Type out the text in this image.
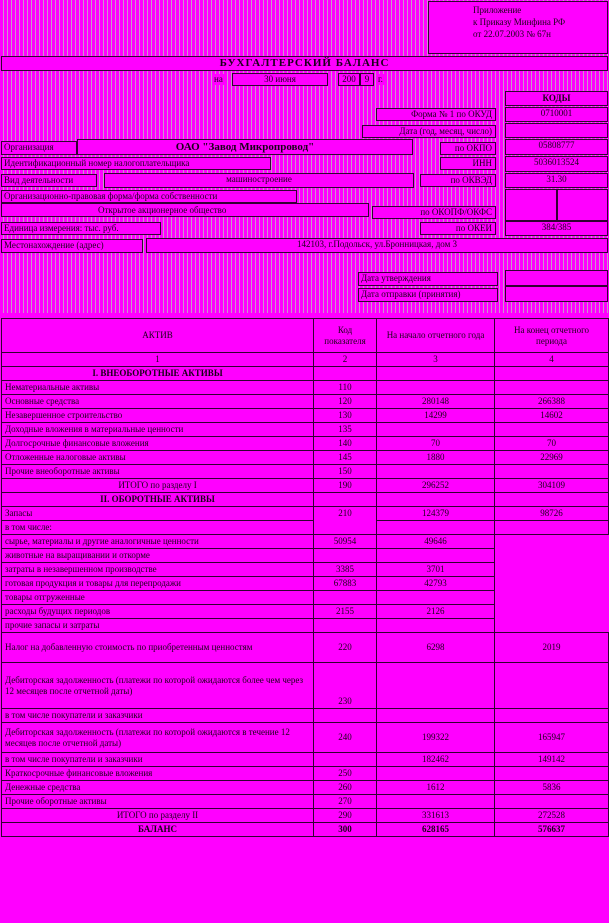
Приложение
к Приказу Минфина РФ
от 22.07.2003 № 67н
БУХГАЛТЕРСКИЙ БАЛАНС
на	30 июня	200	9 г.
КОДЫ
Форма № 1 по ОКУД	0710001
Дата (год, месяц, число)
Организация	ОАО "Завод Микропровод"	по ОКПО	05808777
Идентификационный номер налогоплательщика	ИНН	5036013524
Вид деятельности	машиностроение	по ОКВЭД	31.30
Организационно-правовая форма/форма собственности
Открытое акционерное общество	по ОКОПФ/ОКФС
Единица измерения: тыс. руб.	по ОКЕИ	384/385
Местонахождение (адрес)	142103, г.Подольск, ул.Бронницкая, дом 3
Дата утверждения
Дата отправки (принятия)
АКТИВ	Код показателя	На начало отчетного года	На конец отчетного периода
1	2	3	4
I. ВНЕОБОРОТНЫЕ АКТИВЫ			
Нематериальные активы	110		
Основные средства	120	280148	266388
Незавершенное строительство	130	14299	14602
Доходные вложения в материальные ценности	135		
Долгосрочные финансовые вложения	140	70	70
Отложенные налоговые активы	145	1880	22969
Прочие внеоборотные активы	150		
ИТОГО по разделу I	190	296252	304109
II. ОБОРОТНЫЕ АКТИВЫ			
Запасы	210	124379	98726
в том числе:			
сырье, материалы и другие аналогичные ценности	50954	49646	
животные на выращивании и откорме			
затраты в незавершенном производстве	3385	3701	
готовая продукция и товары для перепродажи	67883	42793	
товары отгруженные			
расходы будущих периодов	2155	2126	
прочие запасы и затраты			
Налог на добавленную стоимость по приобретенным ценностям	220	6298	2019
Дебиторская задолженность (платежи по которой ожидаются более чем через 12 месяцев после отчетной даты)	230		
в том числе покупатели и заказчики			
Дебиторская задолженность (платежи по которой ожидаются в течение 12 месяцев после отчетной даты)	240	199322	165947
в том числе покупатели и заказчики		182462	149142
Краткосрочные финансовые вложения	250		
Денежные средства	260	1612	5836
Прочие оборотные активы	270		
ИТОГО по разделу II	290	331613	272528
БАЛАНС	300	628165	576637
